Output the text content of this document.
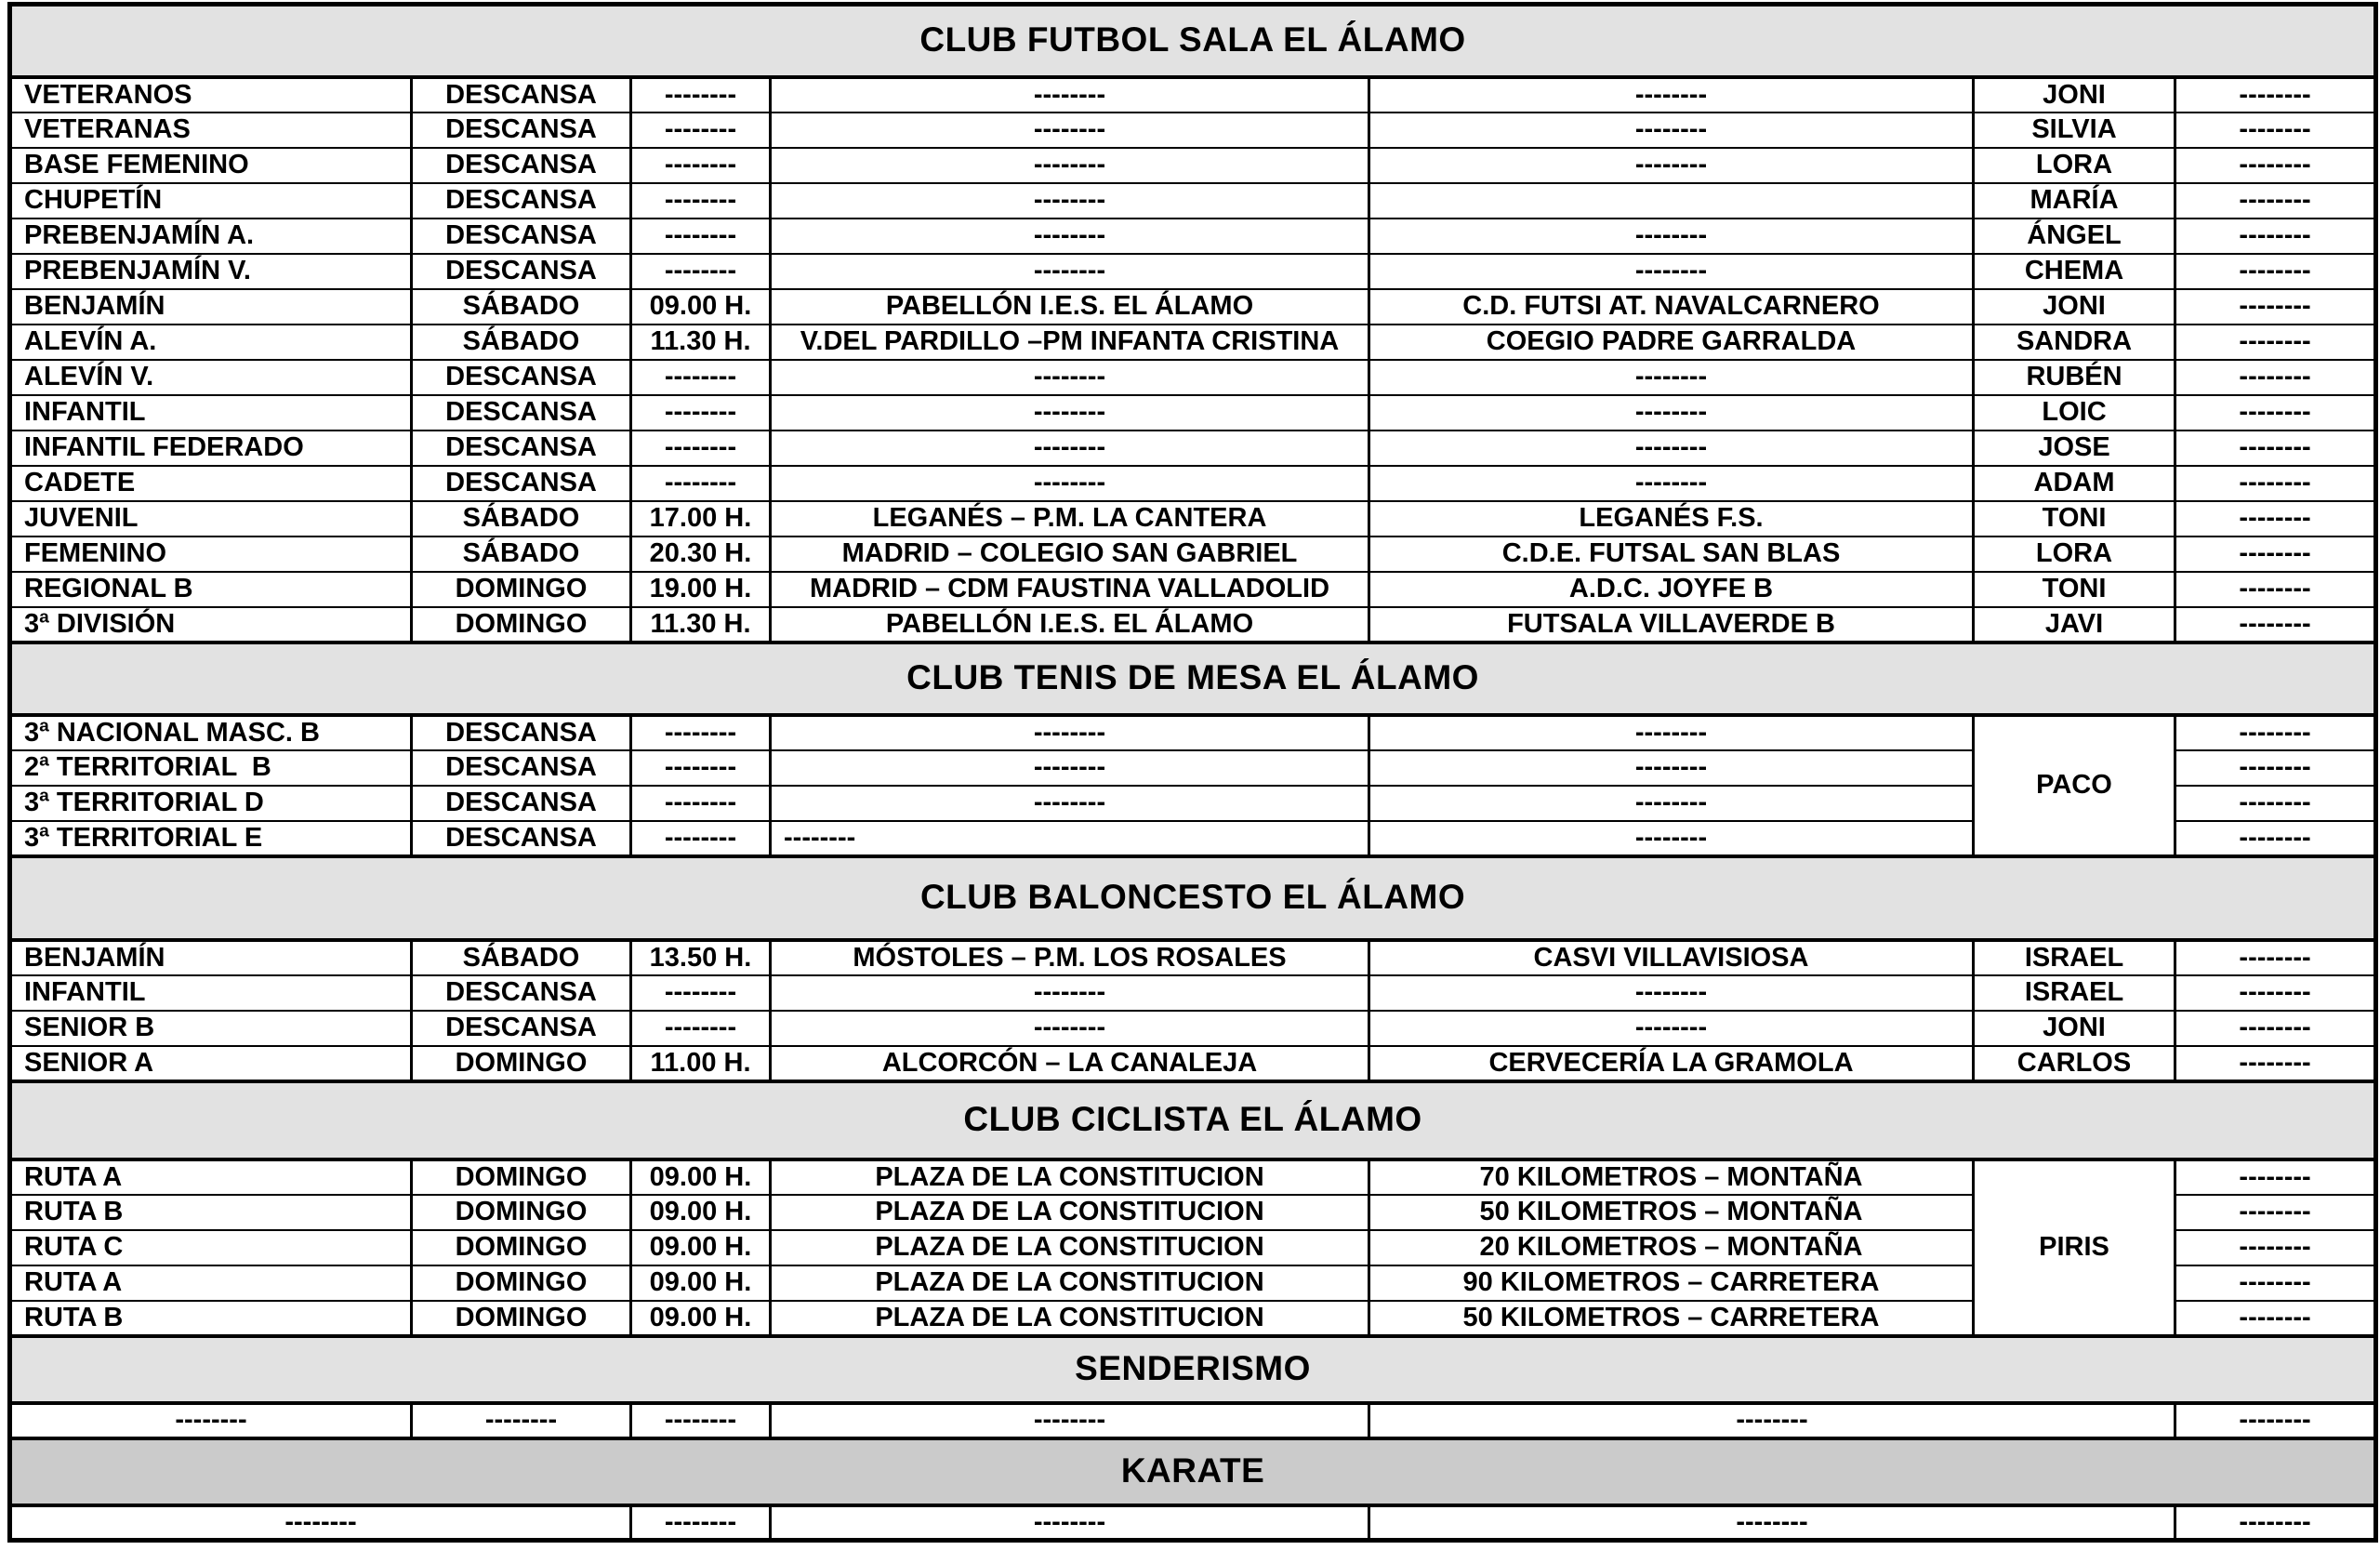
CLUB FUTBOL SALA EL ÁLAMO						
VETERANOS	DESCANSA	--------	--------	--------	JONI	--------
VETERANAS	DESCANSA	--------	--------	--------	SILVIA	--------
BASE FEMENINO	DESCANSA	--------	--------	--------	LORA	--------
CHUPETÍN	DESCANSA	--------	--------		MARÍA	--------
PREBENJAMÍN A.	DESCANSA	--------	--------	--------	ÁNGEL	--------
PREBENJAMÍN V.	DESCANSA	--------	--------	--------	CHEMA	--------
BENJAMÍN	SÁBADO	09.00 H.	PABELLÓN I.E.S. EL ÁLAMO	C.D. FUTSI AT. NAVALCARNERO	JONI	--------
ALEVÍN A.	SÁBADO	11.30 H.	V.DEL PARDILLO –PM INFANTA CRISTINA	COEGIO PADRE GARRALDA	SANDRA	--------
ALEVÍN V.	DESCANSA	--------	--------	--------	RUBÉN	--------
INFANTIL	DESCANSA	--------	--------	--------	LOIC	--------
INFANTIL FEDERADO	DESCANSA	--------	--------	--------	JOSE	--------
CADETE	DESCANSA	--------	--------	--------	ADAM	--------
JUVENIL	SÁBADO	17.00 H.	LEGANÉS – P.M. LA CANTERA	LEGANÉS F.S.	TONI	--------
FEMENINO	SÁBADO	20.30 H.	MADRID – COLEGIO SAN GABRIEL	C.D.E. FUTSAL SAN BLAS	LORA	--------
REGIONAL B	DOMINGO	19.00 H.	MADRID – CDM FAUSTINA VALLADOLID	A.D.C. JOYFE B	TONI	--------
3ª DIVISIÓN	DOMINGO	11.30 H.	PABELLÓN I.E.S. EL ÁLAMO	FUTSALA VILLAVERDE B	JAVI	--------
CLUB TENIS DE MESA EL ÁLAMO						
3ª NACIONAL MASC. B	DESCANSA	--------	--------	--------	PACO	--------
2ª TERRITORIAL  B	DESCANSA	--------	--------	--------		--------
3ª TERRITORIAL D	DESCANSA	--------	--------	--------		--------
3ª TERRITORIAL E	DESCANSA	--------	--------	--------		--------
CLUB BALONCESTO EL ÁLAMO						
BENJAMÍN	SÁBADO	13.50 H.	MÓSTOLES – P.M. LOS ROSALES	CASVI VILLAVISIOSA	ISRAEL	--------
INFANTIL	DESCANSA	--------	--------	--------	ISRAEL	--------
SENIOR B	DESCANSA	--------	--------	--------	JONI	--------
SENIOR A	DOMINGO	11.00 H.	ALCORCÓN – LA CANALEJA	CERVECERÍA LA GRAMOLA	CARLOS	--------
CLUB CICLISTA EL ÁLAMO						
RUTA A	DOMINGO	09.00 H.	PLAZA DE LA CONSTITUCION	70 KILOMETROS – MONTAÑA	PIRIS	--------
RUTA B	DOMINGO	09.00 H.	PLAZA DE LA CONSTITUCION	50 KILOMETROS – MONTAÑA		--------
RUTA C	DOMINGO	09.00 H.	PLAZA DE LA CONSTITUCION	20 KILOMETROS – MONTAÑA		--------
RUTA A	DOMINGO	09.00 H.	PLAZA DE LA CONSTITUCION	90 KILOMETROS – CARRETERA		--------
RUTA B	DOMINGO	09.00 H.	PLAZA DE LA CONSTITUCION	50 KILOMETROS – CARRETERA		--------
SENDERISMO						
--------	--------	--------	--------	--------		--------
KARATE						
--------		--------	--------	--------		--------
